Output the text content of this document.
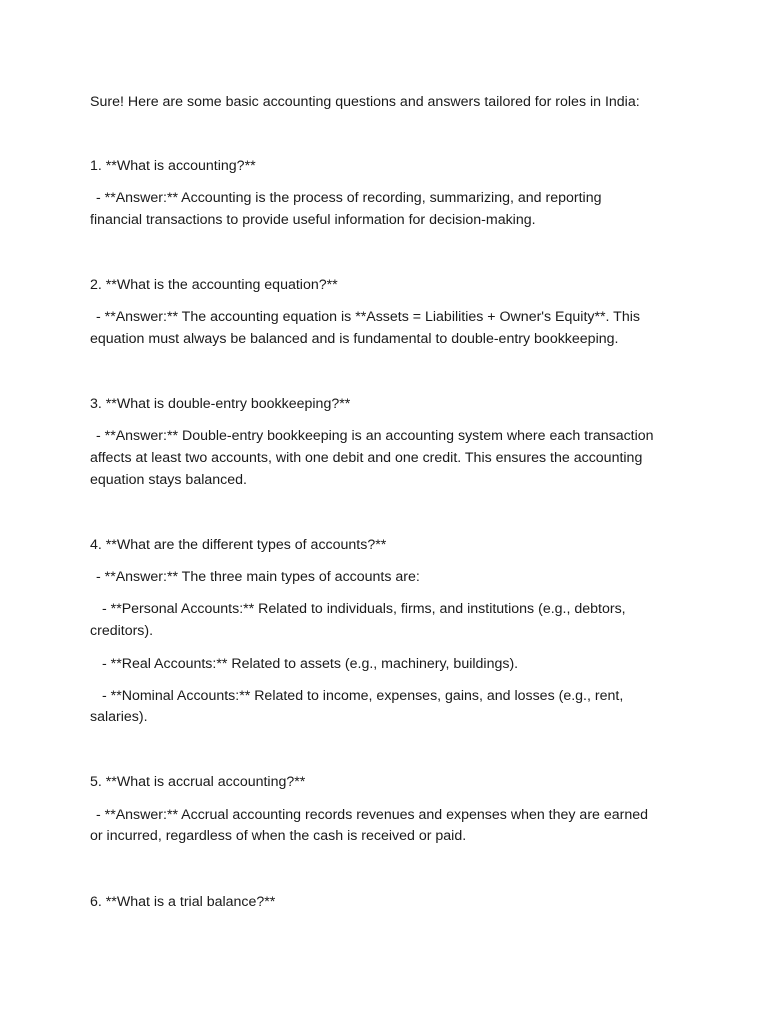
Sure! Here are some basic accounting questions and answers tailored for roles in India:
1. **What is accounting?**
- **Answer:** Accounting is the process of recording, summarizing, and reporting
financial transactions to provide useful information for decision-making.
2. **What is the accounting equation?**
- **Answer:** The accounting equation is **Assets = Liabilities + Owner's Equity**. This
equation must always be balanced and is fundamental to double-entry bookkeeping.
3. **What is double-entry bookkeeping?**
- **Answer:** Double-entry bookkeeping is an accounting system where each transaction
affects at least two accounts, with one debit and one credit. This ensures the accounting
equation stays balanced.
4. **What are the different types of accounts?**
- **Answer:** The three main types of accounts are:
- **Personal Accounts:** Related to individuals, firms, and institutions (e.g., debtors,
creditors).
- **Real Accounts:** Related to assets (e.g., machinery, buildings).
- **Nominal Accounts:** Related to income, expenses, gains, and losses (e.g., rent,
salaries).
5. **What is accrual accounting?**
- **Answer:** Accrual accounting records revenues and expenses when they are earned
or incurred, regardless of when the cash is received or paid.
6. **What is a trial balance?**
